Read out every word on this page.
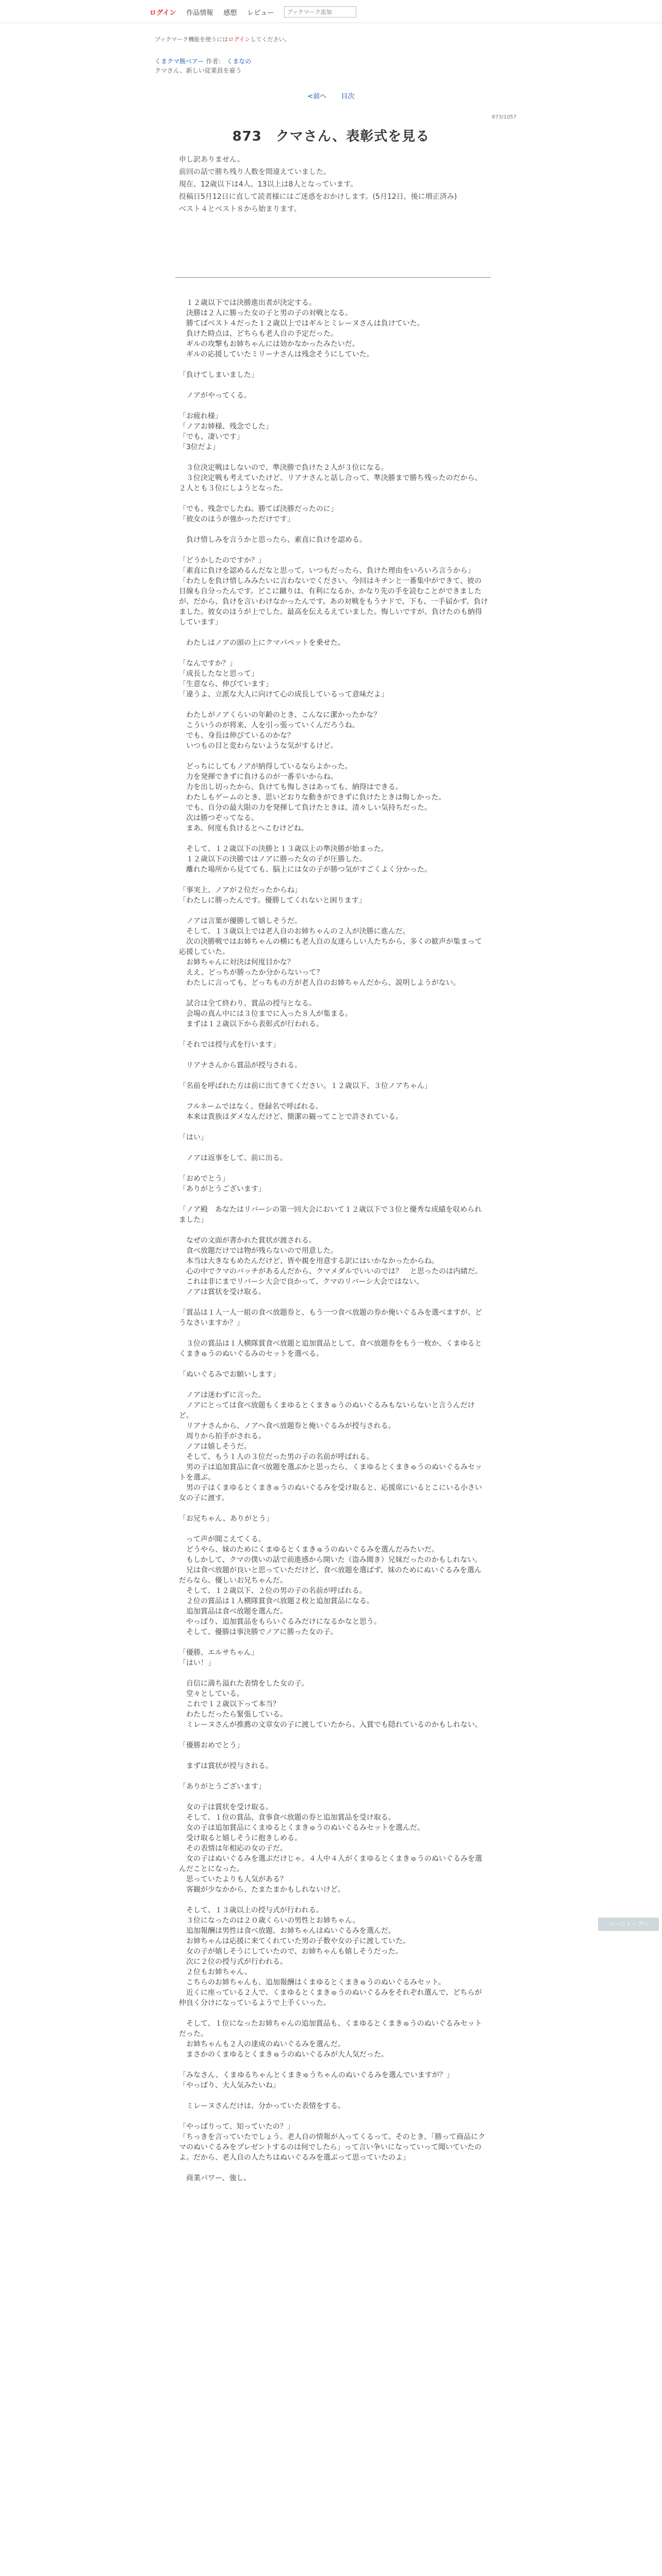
ログイン 作品情報 感想 レビュー
ブックマーク追加
ブックマーク機能を使うにはログインしてください。
くまクマ熊ベアー 作者： くまなの
クマさん、新しい従業員を雇う
<前へ 目次
873/1057
873　クマさん、表彰式を見る

申し訳ありません。

前回の話で勝ち残り人数を間違えていました。

現在、12歳以下は4人、13以上は8人となっています。

投稿日5月12日に直して読者様にはご迷惑をおかけします。(5月12日、後に増正済み)

ベスト４とベスト８から始まります。

　１２歳以下では決勝進出者が決定する。

　決勝は２人に勝った女の子と男の子の対戦となる。

　勝てばベスト４だった１２歳以上ではギルとミレーヌさんは負けていた。

　負けた時点は、どちらも老人自の予定だった。

　ギルの攻撃もお姉ちゃんには効かなかったみたいだ。

　ギルの応援していたミリーナさんは残念そうにしていた。

「負けてしまいました」

　ノアがやってくる。

「お疲れ様」

「ノアお姉様、残念でした」

「でも、凄いです」

「3位だよ」

　３位決定戦はしないので、準決勝で負けた２人が３位になる。

　３位決定戦も考えていたけど、リアナさんと話し合って、準決勝まで勝ち残ったのだから、２人とも３位にしようとなった。

「でも、残念でしたね。勝てば決勝だったのに」

「彼女のほうが強かっただけです」

　負け惜しみを言うかと思ったら、素直に負けを認める。

「どうかしたのですか？」

「素直に負けを認めるんだなと思って。いつもだったら、負けた理由をいろいろ言うから」

「わたしを負け惜しみみたいに言わないでください。今回はキチンと一番集中ができて、彼の目線も自分ったんです。どこに蹴りは、有利になるか、かなり先の手を読むことができましたが、だから、負けを言いわけなかったんです。あの対戦をもうナドで、下も、一手届かず。負けました。彼女のほうが上でした。最高を伝えるえていました。悔しいですが、負けたのも納得しています」

　わたしはノアの頭の上にクマパペットを乗せた。

「なんですか？」

「成長したなと思って」

「生意なら、伸びています」

「違うよ、立派な大人に向けて心の成長しているって意味だよ」

　わたしがノアくらいの年齢のとき、こんなに潔かったかな？

　こういうのが将来、人を引っ張っていくんだろうね。

　でも、身長は伸びているのかな？

　いつもの目と変わらないような気がするけど。

　どっちにしてもノアが納得しているならよかった。

　力を発揮できずに負けるのが一番辛いからね。

　力を出し切ったから、負けても悔しさはあっても、納得はできる。

　わたしもゲームのとき、思いどおりな動きができずに負けたときは悔しかった。

　でも、自分の最大限の力を発揮して負けたときは、清々しい気持ちだった。

　次は勝つぞってなる。

　まあ、何度も負けるとへこむけどね。

　そして、１２歳以下の決勝と１３歳以上の準決勝が始まった。

　１２歳以下の決勝ではノアに勝った女の子が圧勝した。

　離れた場所から見てても、脳上には女の子が勝つ気がすごくよく分かった。

「事実上、ノアが２位だったからね」

「わたしに勝ったんです。優勝してくれないと困ります」

　ノアは言葉が優勝して嬉しそうだ。

　そして、１３歳以上では老人自のお姉ちゃんの２人が決勝に進んだ。

　次の決勝戦ではお姉ちゃんの横にも老人自の友達らしい人たちから、多くの歓声が集まって応援していた。

　お姉ちゃんに対決は何度目かな？

　ええ、どっちが勝ったか分からないって？

　わたしに言っても、どっちもの方が老人自のお姉ちゃんだから、説明しようがない。

　試合は全て終わり、賞品の授与となる。

　会場の真ん中には３位までに入った８人が集まる。

　まずは１２歳以下から表彰式が行われる。

「それでは授与式を行います」

　リアナさんから賞品が授与される。

「名前を呼ばれた方は前に出てきてください。１２歳以下、３位ノアちゃん」

　フルネームではなく、登録名で呼ばれる。

　本来は貴族はダメなんだけど、簡潔の観ってことで許されている。

「はい」

　ノアは返事をして、前に出る。

「おめでとう」

「ありがとうございます」

「ノア殿　あなたはリバーシの第一回大会において１２歳以下で３位と優秀な成績を収められました」

　なぜの文面が書かれた賞状が渡される。

　食べ放題だけでは物が残らないので用意した。

　本当は大きなもめたんだけど、皆や親を用意する訳にはいかなかったからね。

　心の中でクマのバッチがあるんだから、クマメダルでいいのでは？　と思ったのは内緒だ。

　これは非にまでリバーシ大会で良かって、クマのリバーシ大会ではない。

　ノアは賞状を受け取る。

「賞品は１人一人一組の食べ放題券と、もう一つ食べ放題の券か俺いぐるみを選べますが、どうなさいますか？」

　３位の賞品は１人横隊賞食べ放題と追加賞品として、食べ放題券をもう一枚か、くまゆるとくまきゅうのぬいぐるみのセットを選べる。

「ぬいぐるみでお願いします」

　ノアは迷わずに言った。

　ノアにとっては食べ放題もくまゆるとくまきゅうのぬいぐるみもないらないと言うんだけど。

　リアナさんから、ノアへ食べ放題券と俺いぐるみが授与される。

　周りから拍手がされる。

　ノアは嬉しそうだ。

　そして、もう１人の３位だった男の子の名前が呼ばれる。

　男の子は追加賞品に食べ放題を選ぶかと思ったら、くまゆるとくまきゅうのぬいぐるみセットを選ぶ。

　男の子はくまゆるとくまきゅうのぬいぐるみを受け取ると、応援席にいるとこにいる小さい女の子に渡す。

「お兄ちゃん、ありがとう」

　って声が聞こえてくる。

　どうやら、妹のためにくまゆるとくまきゅうのぬいぐるみを選んだみたいだ。

　もしかして、クマの僕いの話で前進感から開いた（盗み聞き）兄妹だったのかもしれない。

　兄は食べ放題が良いと思っていただけど、食べ放題を選ばず、妹のためにぬいぐるみを選んだらなら、優しいお兄ちゃんだ。

　そして、１２歳以下、２位の男の子の名前が呼ばれる。

　２位の賞品は１人横隊賞食べ放題２枚と追加賞品になる。

　追加賞品は食べ放題を選んだ。

　やっぱり、追加賞品をもらいぐるみだけになるかなと思う。

　そして、優勝は事決勝でノアに勝った女の子。

「優勝、エルサちゃん」

「はい！」

　自信に満ち溢れた表情をした女の子。

　堂々としている。

　これで１２歳以下って本当？

　わたしだったら緊張している。

　ミレーヌさんが推薦の文章女の子に渡していたから、入賞でも隠れているのかもしれない。

「優勝おめでとう」

　まずは賞状が授与される。

「ありがとうございます」

　女の子は賞状を受け取る。

　そして、１位の賞品、食事食べ放題の券と追加賞品を受け取る。

　女の子は追加賞品にくまゆるとくまきゅうのぬいぐるみセットを選んだ。

　受け取ると嬉しそうに抱きしめる。

　その表情は年相応の女の子だ。

　女の子はぬいぐるみを選ぶだけじゃ。４人中４人がくまゆるとくまきゅうのぬいぐるみを選んだことになった。

　思っていたよりも人気がある？

　客観が少なかから、たまたまかもしれないけど。

　そして、１３歳以上の授与式が行われる。

　３位になったのは２０歳くらいの男性とお姉ちゃん。

　追加報酬は男性は食べ放題、お姉ちゃんはぬいぐるみを選んだ。

　お姉ちゃんは応援に来てくれていた男の子数や女の子に渡していた。

　女の子が嬉しそうにしていたので、お姉ちゃんも嬉しそうだった。

　次に２位の授与式が行われる。

　２位もお姉ちゃん。

　こちらのお姉ちゃんも、追加報酬はくまゆるとくまきゅうのぬいぐるみセット。

　近くに座っている２人で、くまゆるとくまきゅうのぬいぐるみをそれぞれ選んで、どちらが仲良く分けになっているようで上手くいった。

　そして、１位になったお姉ちゃんの追加賞品も、くまゆるとくまきゅうのぬいぐるみセットだった。

　お姉ちゃんも２人の達成のぬいぐるみを選んだ。

　まさかのくまゆるとくまきゅうのぬいぐるみが大人気だった。

「みなさん、くまゆるちゃんとくまきゅうちゃんのぬいぐるみを選んでいますが？」

「やっぱり、大人気みたいね」

　ミレーヌさんだけは、分かっていた表情をする。

「やっぱりって、知っていたの？」

「ちっきを言っていたでしょう。老人自の情報が入ってくるって。そのとき、「勝って商品にクマのぬいぐるみをプレゼントするのは何でしたら」って言い争いになっていって聞いていたのよ。だから、老人自の人たちはぬいぐるみを選ぶって思っていたのよ」

　商業パワー、強し。

ページトップへ
